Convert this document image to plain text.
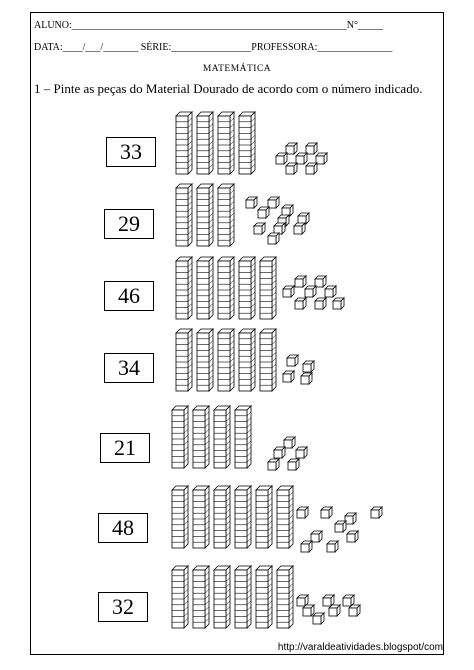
ALUNO:_______________________________________________________N°_____
DATA:____/___/_______ SÉRIE:________________PROFESSORA:_______________
MATEMÁTICA
1 – Pinte as peças do Material Dourado de acordo com o número indicado.
33
29
46
34
21
48
32
http://varaldeatividades.blogspot/com
